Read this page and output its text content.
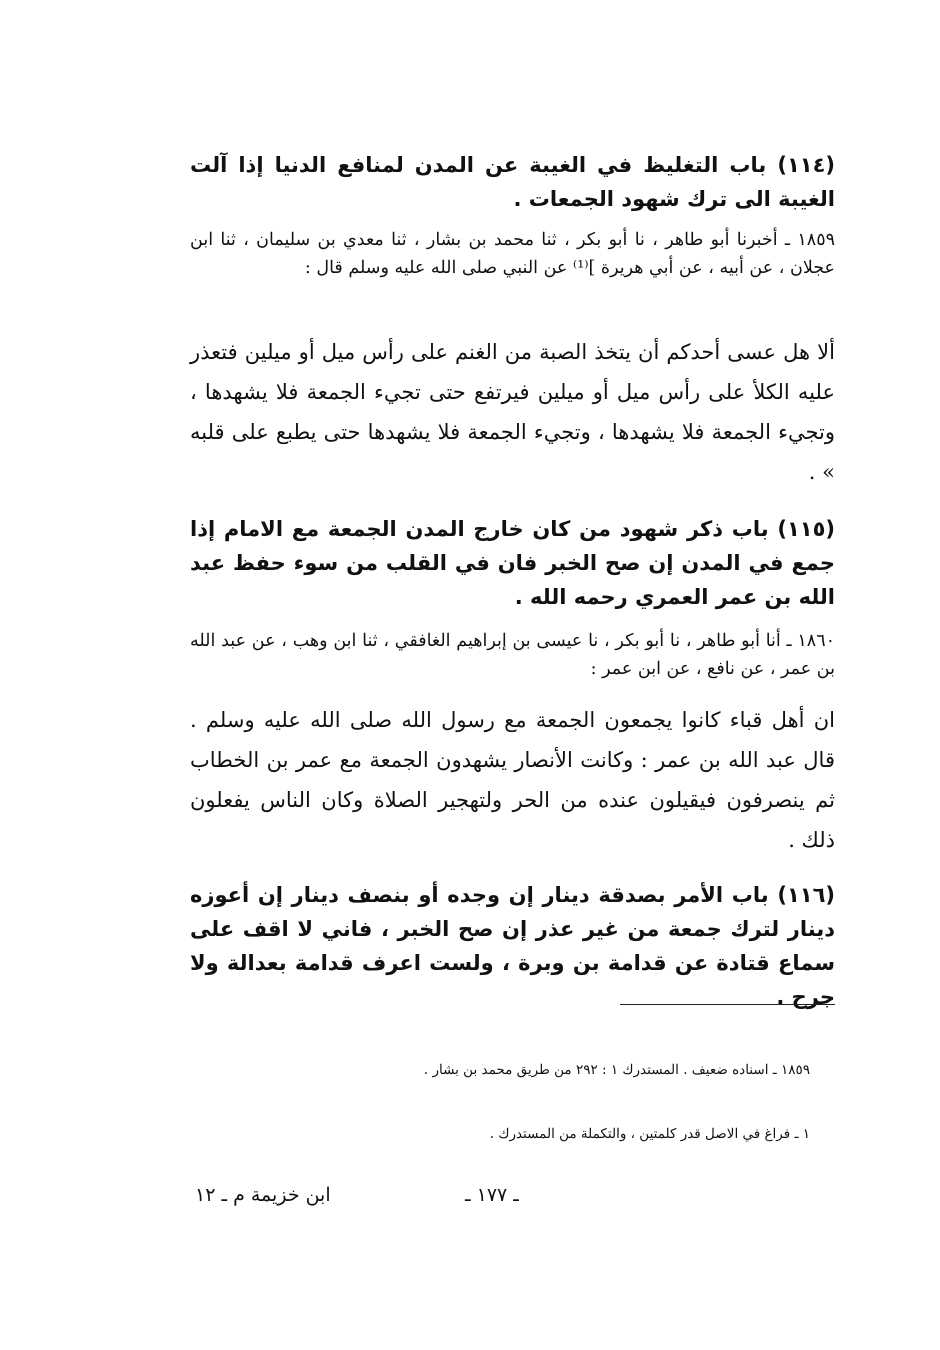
(١١٤) باب التغليظ في الغيبة عن المدن لمنافع الدنيا إذا آلت الغيبة الى ترك شهود الجمعات .

١٨٥٩ ـ أخبرنا أبو طاهر ، نا أبو بكر ، ثنا محمد بن بشار ، ثنا معدي بن سليمان ، ثنا ابن عجلان ، عن أبيه ، عن أبي هريرة ]⁽¹⁾ عن النبي صلى الله عليه وسلم قال :

ألا هل عسى أحدكم أن يتخذ الصبة من الغنم على رأس ميل أو ميلين فتعذر عليه الكلأ على رأس ميل أو ميلين فيرتفع حتى تجيء الجمعة فلا يشهدها ، وتجيء الجمعة فلا يشهدها ، وتجيء الجمعة فلا يشهدها حتى يطبع على قلبه » .

(١١٥) باب ذكر شهود من كان خارج المدن الجمعة مع الامام إذا جمع في المدن إن صح الخبر فان في القلب من سوء حفظ عبد الله بن عمر العمري رحمه الله .

١٨٦٠ ـ أنا أبو طاهر ، نا أبو بكر ، نا عيسى بن إبراهيم الغافقي ، ثنا ابن وهب ، عن عبد الله بن عمر ، عن نافع ، عن ابن عمر :

ان أهل قباء كانوا يجمعون الجمعة مع رسول الله صلى الله عليه وسلم . قال عبد الله بن عمر : وكانت الأنصار يشهدون الجمعة مع عمر بن الخطاب ثم ينصرفون فيقيلون عنده من الحر ولتهجير الصلاة وكان الناس يفعلون ذلك .

(١١٦) باب الأمر بصدقة دينار إن وجده أو بنصف دينار إن أعوزه دينار لترك جمعة من غير عذر إن صح الخبر ، فاني لا اقف على سماع قتادة عن قدامة بن وبرة ، ولست اعرف قدامة بعدالة ولا جرح .

١٨٥٩ ـ اسناده ضعيف . المستدرك ١ : ٢٩٢ من طريق محمد بن بشار .
١ ـ فراغ في الاصل قدر كلمتين ، والتكملة من المستدرك .
ـ ١٧٧ ـ
ابن خزيمة م ـ ١٢
